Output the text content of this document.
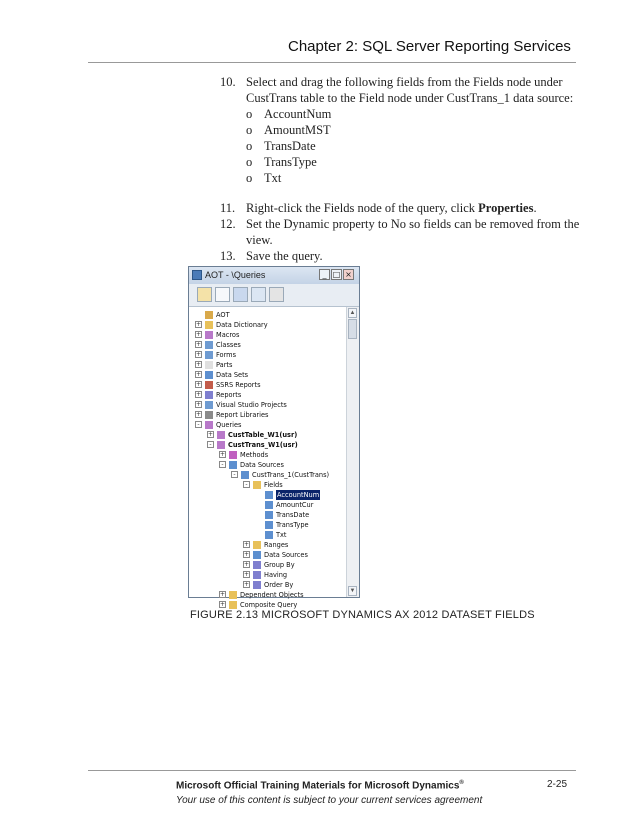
Chapter 2: SQL Server Reporting Services
10. Select and drag the following fields from the Fields node under
CustTrans table to the Field node under CustTrans_1 data source:
o AccountNum
o AmountMST
o TransDate
o TransType
o Txt
11. Right-click the Fields node of the query, click Properties.
12. Set the Dynamic property to No so fields can be removed from the
view.
13. Save the query.
AOT - \Queries	_ □ ×
AOT
+ Data Dictionary
+ Macros
+ Classes
+ Forms
+ Parts
+ Data Sets
+ SSRS Reports
+ Reports
+ Visual Studio Projects
+ Report Libraries
-	Queries
+ CustTable_W1(usr)
-	CustTrans_W1(usr)
+ Methods
-	Data Sources
-	CustTrans_1(CustTrans)
-	Fields
AccountNum
AmountCur
TransDate
TransType
Txt
+ Ranges
+ Data Sources
+ Group By
+ Having
+ Order By
+ Dependent Objects
+ Composite Query
▲
▼
FIGURE 2.13 MICROSOFT DYNAMICS AX 2012 DATASET FIELDS
Microsoft Official Training Materials for Microsoft Dynamics®
Your use of this content is subject to your current services agreement
2-25
